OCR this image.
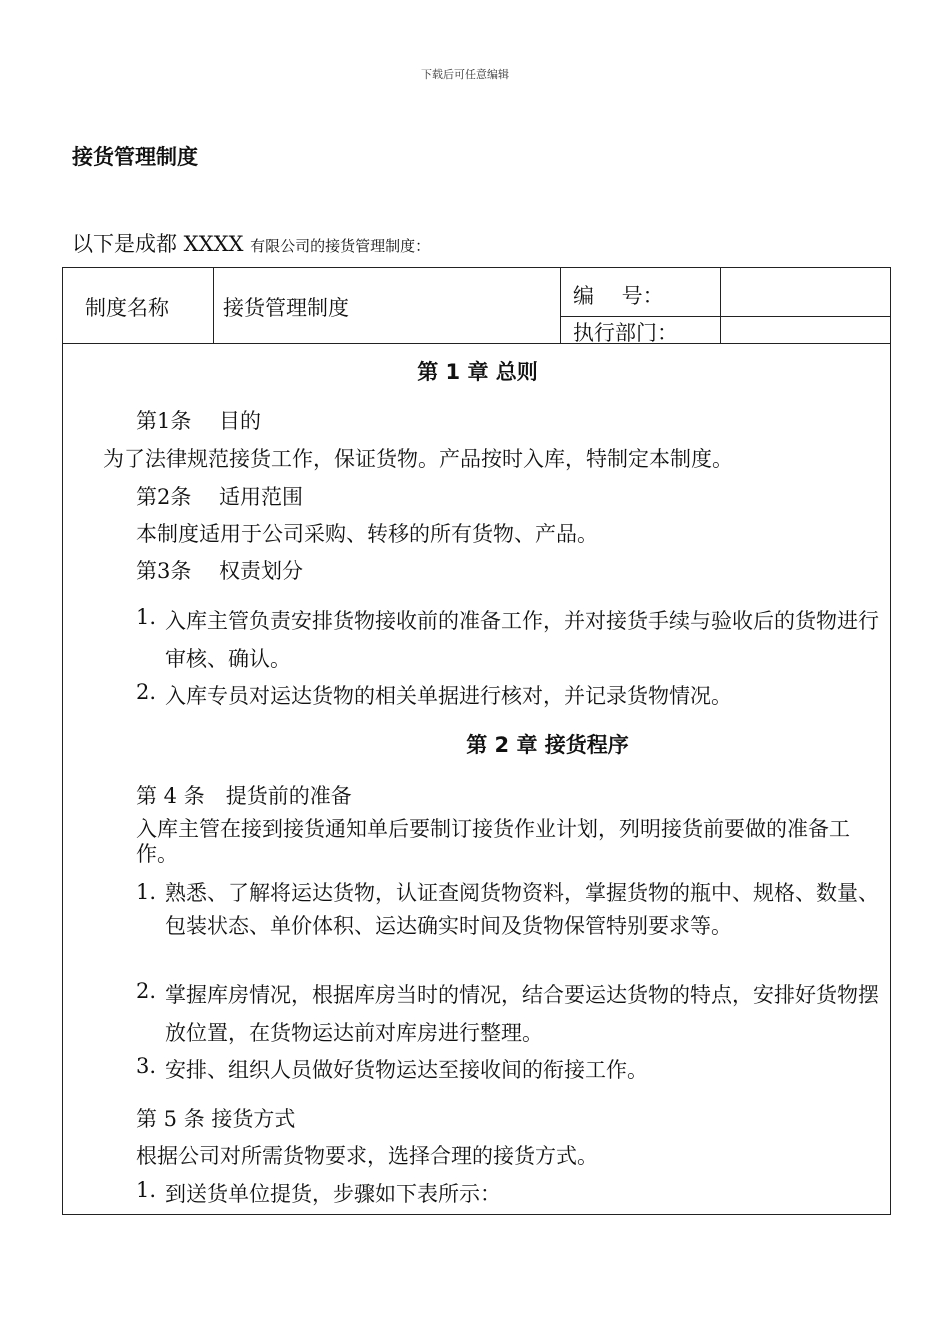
下载后可任意编辑
接货管理制度
以下是成都 XXXX 有限公司的接货管理制度：
制度名称	接货管理制度	编　 号：
执行部门：
第 1 章 总则
第1条　 目的
为了法律规范接货工作，保证货物。产品按时入库，特制定本制度。
第2条　 适用范围
本制度适用于公司采购、转移的所有货物、产品。
第3条　 权责划分
1. 入库主管负责安排货物接收前的准备工作，并对接货手续与验收后的货物进行审核、确认。
2. 入库专员对运达货物的相关单据进行核对，并记录货物情况。
第 2 章 接货程序
第 4 条　提货前的准备
入库主管在接到接货通知单后要制订接货作业计划，列明接货前要做的准备工作。
1. 熟悉、了解将运达货物，认证查阅货物资料，掌握货物的瓶中、规格、数量、包装状态、单价体积、运达确实时间及货物保管特别要求等。
2. 掌握库房情况，根据库房当时的情况，结合要运达货物的特点，安排好货物摆放位置，在货物运达前对库房进行整理。
3. 安排、组织人员做好货物运达至接收间的衔接工作。
第 5 条 接货方式
根据公司对所需货物要求，选择合理的接货方式。
1. 到送货单位提货，步骤如下表所示：
